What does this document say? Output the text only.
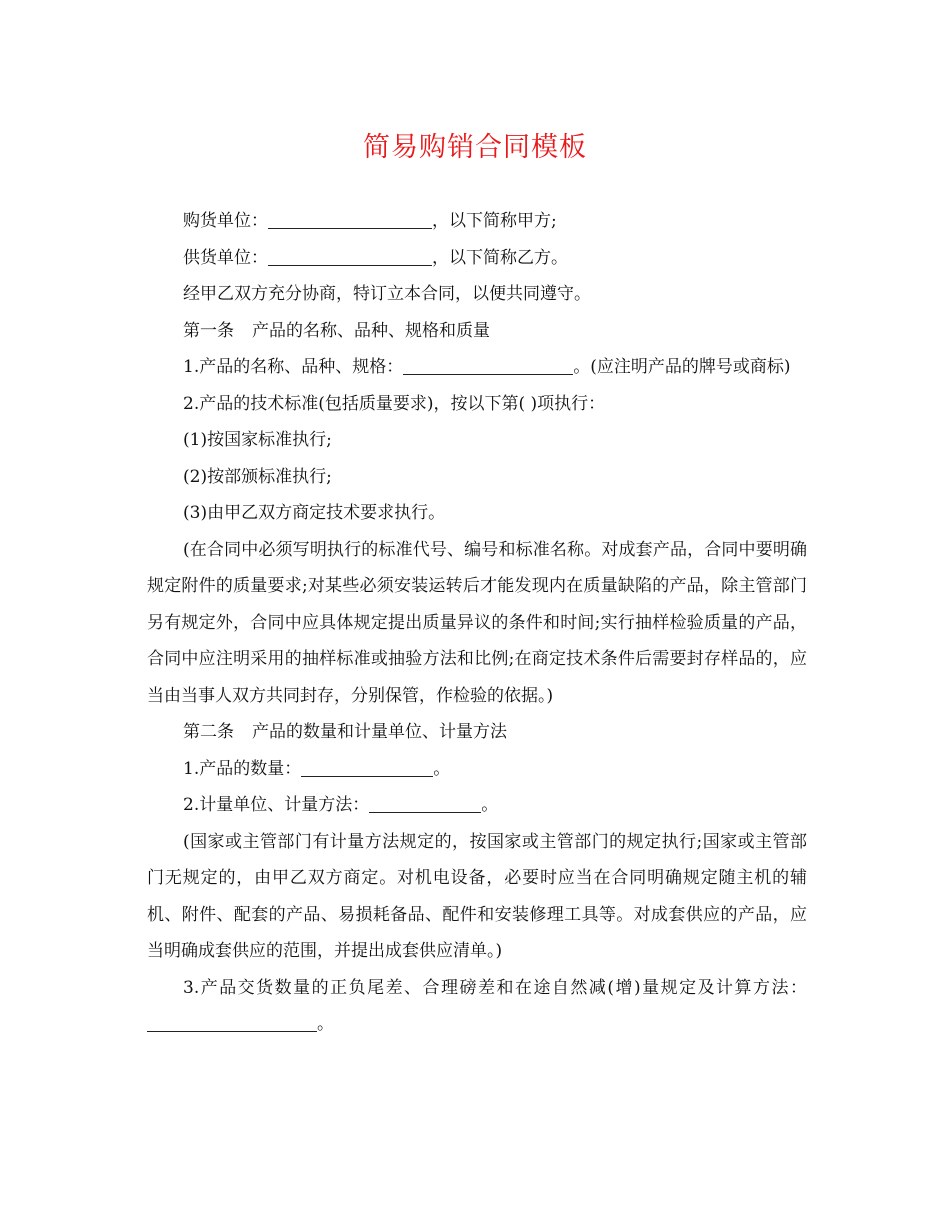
简易购销合同模板

购货单位：	，以下简称甲方;

供货单位：	，以下简称乙方。

经甲乙双方充分协商，特订立本合同，以便共同遵守。

第一条 产品的名称、品种、规格和质量

1.产品的名称、品种、规格：	。(应注明产品的牌号或商标)

2.产品的技术标准(包括质量要求)，按以下第( )项执行：

(1)按国家标准执行;

(2)按部颁标准执行;

(3)由甲乙双方商定技术要求执行。

(在合同中必须写明执行的标准代号、编号和标准名称。对成套产品，合同中要明确规定附件的质量要求;对某些必须安装运转后才能发现内在质量缺陷的产品，除主管部门另有规定外，合同中应具体规定提出质量异议的条件和时间;实行抽样检验质量的产品，合同中应注明采用的抽样标准或抽验方法和比例;在商定技术条件后需要封存样品的，应当由当事人双方共同封存，分别保管，作检验的依据。)

第二条 产品的数量和计量单位、计量方法

1.产品的数量：	。

2.计量单位、计量方法：	。

(国家或主管部门有计量方法规定的，按国家或主管部门的规定执行;国家或主管部门无规定的，由甲乙双方商定。对机电设备，必要时应当在合同明确规定随主机的辅机、附件、配套的产品、易损耗备品、配件和安装修理工具等。对成套供应的产品，应当明确成套供应的范围，并提出成套供应清单。)

3.产品交货数量的正负尾差、合理磅差和在途自然减(增)量规定及计算方法：。
